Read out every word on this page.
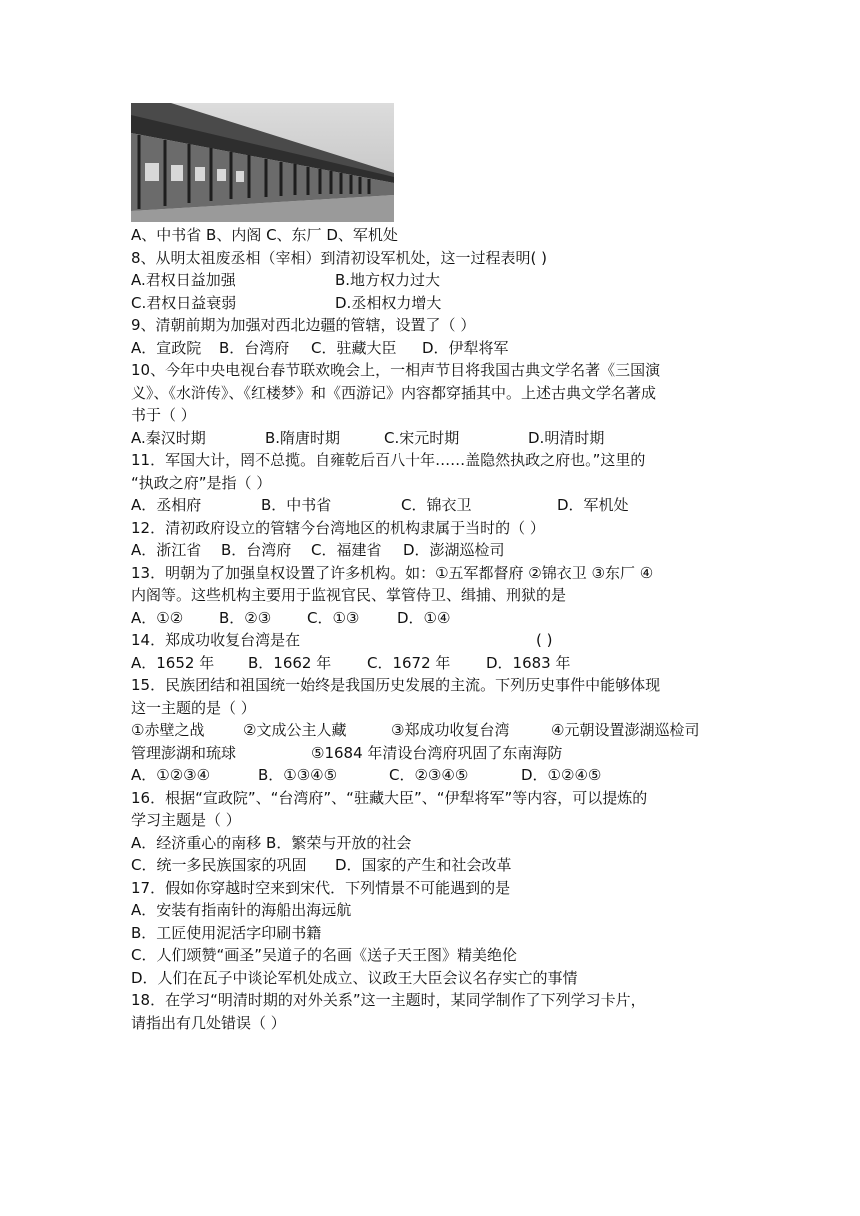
A、中书省 B、内阁 C、东厂 D、军机处
8、从明太祖废丞相（宰相）到清初设军机处，这一过程表明( )
A.君权日益加强	B.地方权力过大
C.君权日益衰弱	D.丞相权力增大
9、清朝前期为加强对西北边疆的管辖，设置了（ ）
A．宣政院 B．台湾府 C．驻藏大臣 D．伊犁将军
10、今年中央电视台春节联欢晚会上，一相声节目将我国古典文学名著《三国演
义》、《水浒传》、《红楼梦》和《西游记》内容都穿插其中。上述古典文学名著成
书于（ ）
A.秦汉时期	B.隋唐时期	C.宋元时期	D.明清时期
11．军国大计，罔不总揽。自雍乾后百八十年……盖隐然执政之府也。”这里的
“执政之府”是指（ ）
A．丞相府	B．中书省	C．锦衣卫	D．军机处
12．清初政府设立的管辖今台湾地区的机构隶属于当时的（ ）
A．浙江省 B．台湾府 C．福建省 D．澎湖巡检司
13．明朝为了加强皇权设置了许多机构。如：①五军都督府 ②锦衣卫 ③东厂 ④
内阁等。这些机构主要用于监视官民、掌管侍卫、缉捕、刑狱的是
A．①② B．②③ C．①③	D．①④
14．郑成功收复台湾是在	( )
A．1652 年 B．1662 年 C．1672 年 D．1683 年
15．民族团结和祖国统一始终是我国历史发展的主流。下列历史事件中能够体现
这一主题的是（ ）
①赤壁之战	②文成公主人藏	③郑成功收复台湾	④元朝设置澎湖巡检司
管理澎湖和琉球	⑤1684 年清设台湾府巩固了东南海防
A．①②③④	B．①③④⑤	C．②③④⑤	D．①②④⑤
16．根据“宣政院”、“台湾府”、“驻藏大臣”、“伊犁将军”等内容，可以提炼的
学习主题是（ ）
A．经济重心的南移 B．繁荣与开放的社会
C．统一多民族国家的巩固 D．国家的产生和社会改革
17．假如你穿越时空来到宋代．下列情景不可能遇到的是
A．安装有指南针的海船出海远航
B．工匠使用泥活字印刷书籍
C．人们颂赞“画圣”吴道子的名画《送子天王图》精美绝伦
D．人们在瓦子中谈论军机处成立、议政王大臣会议名存实亡的事情
18．在学习“明清时期的对外关系”这一主题时，某同学制作了下列学习卡片，
请指出有几处错误（ ）
